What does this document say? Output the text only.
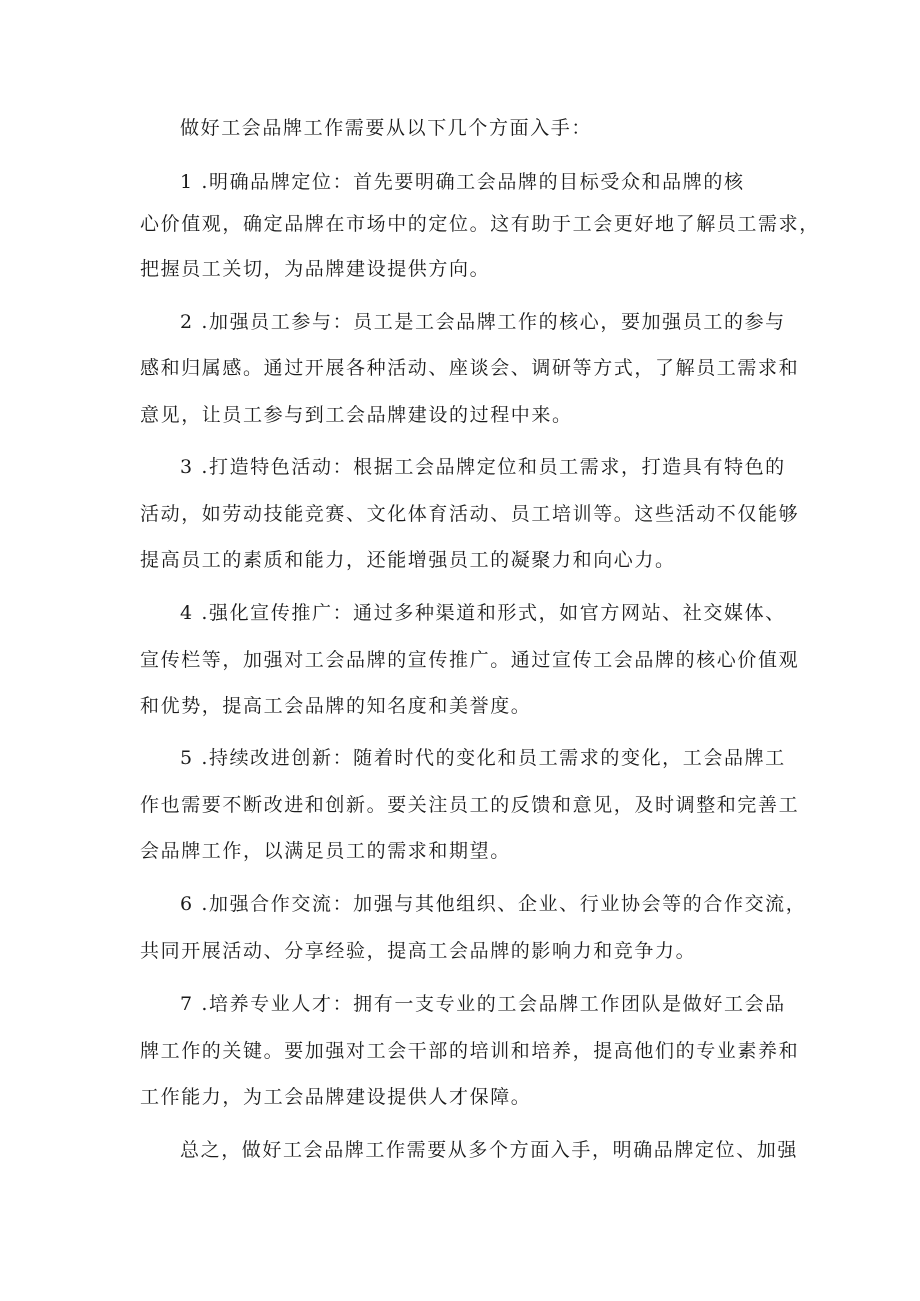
做好工会品牌工作需要从以下几个方面入手：
1 .明确品牌定位：首先要明确工会品牌的目标受众和品牌的核
心价值观，确定品牌在市场中的定位。这有助于工会更好地了解员工需求，
把握员工关切，为品牌建设提供方向。
2 .加强员工参与：员工是工会品牌工作的核心，要加强员工的参与
感和归属感。通过开展各种活动、座谈会、调研等方式，了解员工需求和
意见，让员工参与到工会品牌建设的过程中来。
3 .打造特色活动：根据工会品牌定位和员工需求，打造具有特色的
活动，如劳动技能竞赛、文化体育活动、员工培训等。这些活动不仅能够
提高员工的素质和能力，还能增强员工的凝聚力和向心力。
4 .强化宣传推广：通过多种渠道和形式，如官方网站、社交媒体、
宣传栏等，加强对工会品牌的宣传推广。通过宣传工会品牌的核心价值观
和优势，提高工会品牌的知名度和美誉度。
5 .持续改进创新：随着时代的变化和员工需求的变化，工会品牌工
作也需要不断改进和创新。要关注员工的反馈和意见，及时调整和完善工
会品牌工作，以满足员工的需求和期望。
6 .加强合作交流：加强与其他组织、企业、行业协会等的合作交流，
共同开展活动、分享经验，提高工会品牌的影响力和竞争力。
7 .培养专业人才：拥有一支专业的工会品牌工作团队是做好工会品
牌工作的关键。要加强对工会干部的培训和培养，提高他们的专业素养和
工作能力，为工会品牌建设提供人才保障。
总之，做好工会品牌工作需要从多个方面入手，明确品牌定位、加强
